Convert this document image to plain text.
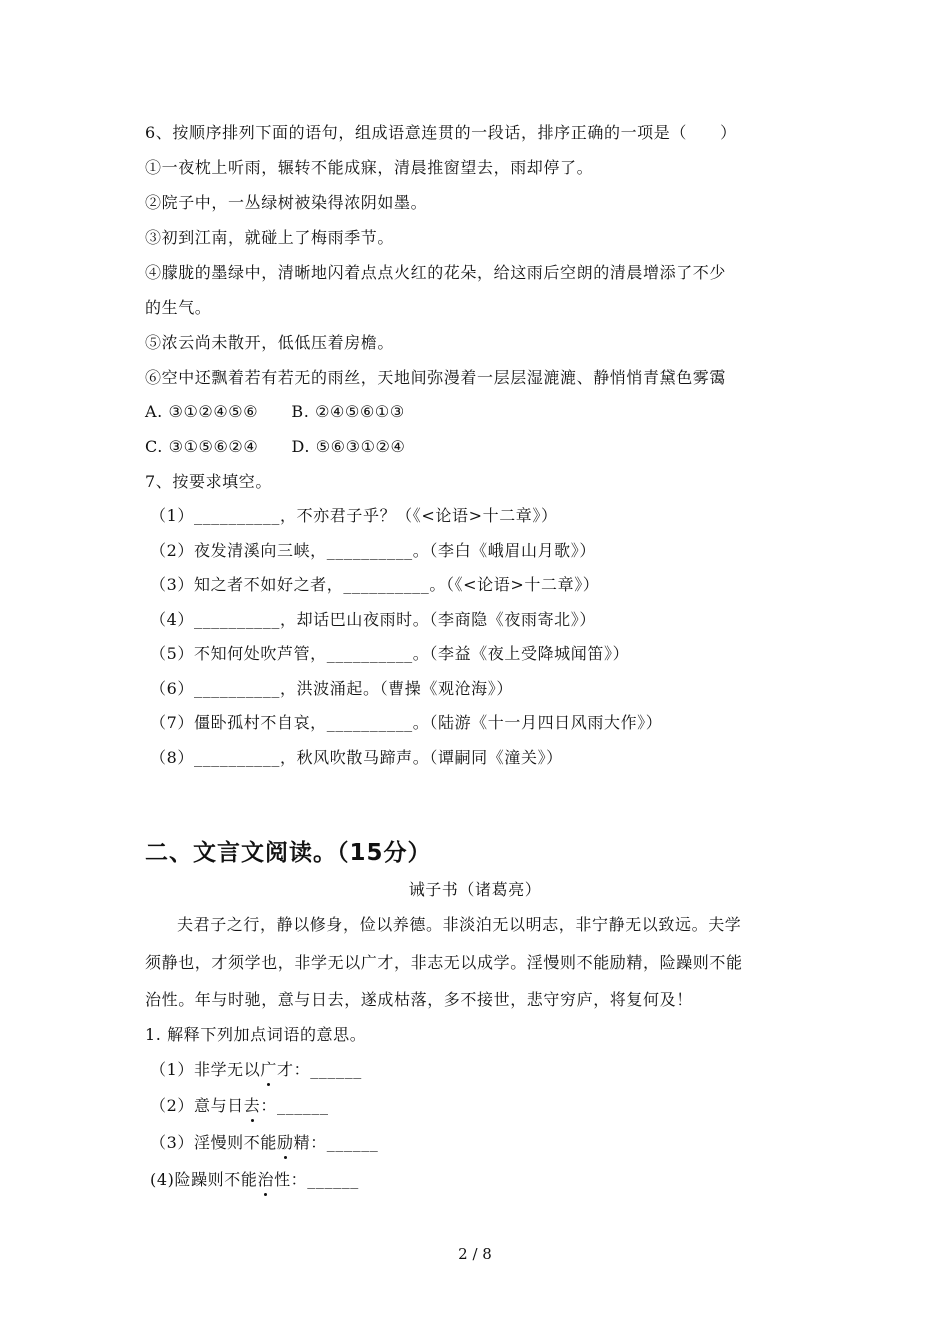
6、按顺序排列下面的语句，组成语意连贯的一段话，排序正确的一项是（　　）
①一夜枕上听雨，辗转不能成寐，清晨推窗望去，雨却停了。
②院子中，一丛绿树被染得浓阴如墨。
③初到江南，就碰上了梅雨季节。
④朦胧的墨绿中，清晰地闪着点点火红的花朵，给这雨后空朗的清晨增添了不少
的生气。
⑤浓云尚未散开，低低压着房檐。
⑥空中还飘着若有若无的雨丝，天地间弥漫着一层层湿漉漉、静悄悄青黛色雾霭
A. ③①②④⑤⑥　　B. ②④⑤⑥①③
C. ③①⑤⑥②④　　D. ⑤⑥③①②④
7、按要求填空。
（1）__________，不亦君子乎？（《<论语>十二章》）
（2）夜发清溪向三峡，__________。（李白《峨眉山月歌》）
（3）知之者不如好之者，__________。（《<论语>十二章》）
（4）__________，却话巴山夜雨时。（李商隐《夜雨寄北》）
（5）不知何处吹芦管，__________。（李益《夜上受降城闻笛》）
（6）__________，洪波涌起。（曹操《观沧海》）
（7）僵卧孤村不自哀，__________。（陆游《十一月四日风雨大作》）
（8）__________，秋风吹散马蹄声。（谭嗣同《潼关》）
二、文言文阅读。（15分）
诫子书（诸葛亮）
夫君子之行，静以修身，俭以养德。非淡泊无以明志，非宁静无以致远。夫学
须静也，才须学也，非学无以广才，非志无以成学。淫慢则不能励精，险躁则不能
治性。年与时驰，意与日去，遂成枯落，多不接世，悲守穷庐，将复何及！
1. 解释下列加点词语的意思。
（1）非学无以广才：______
（2）意与日去：______
（3）淫慢则不能励精：______
(4)险躁则不能治性：______
2 / 8
